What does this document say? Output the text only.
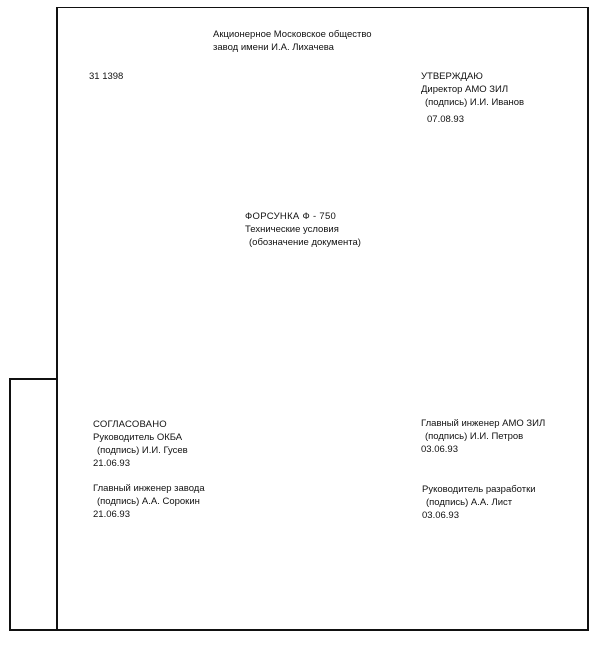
Акционерное Московское общество
завод имени И.А. Лихачева
31 1398	УТВЕРЖДАЮ
Директор АМО ЗИЛ
(подпись) И.И. Иванов
07.08.93
ФОРСУНКА Ф - 750
Технические условия
(обозначение документа)
СОГЛАСОВАНО
Руководитель ОКБА
(подпись) И.И. Гусев
21.06.93
Главный инженер завода
(подпись) А.А. Сорокин
21.06.93
Главный инженер АМО ЗИЛ
(подпись) И.И. Петров
03.06.93
Руководитель разработки
(подпись) А.А. Лист
03.06.93
